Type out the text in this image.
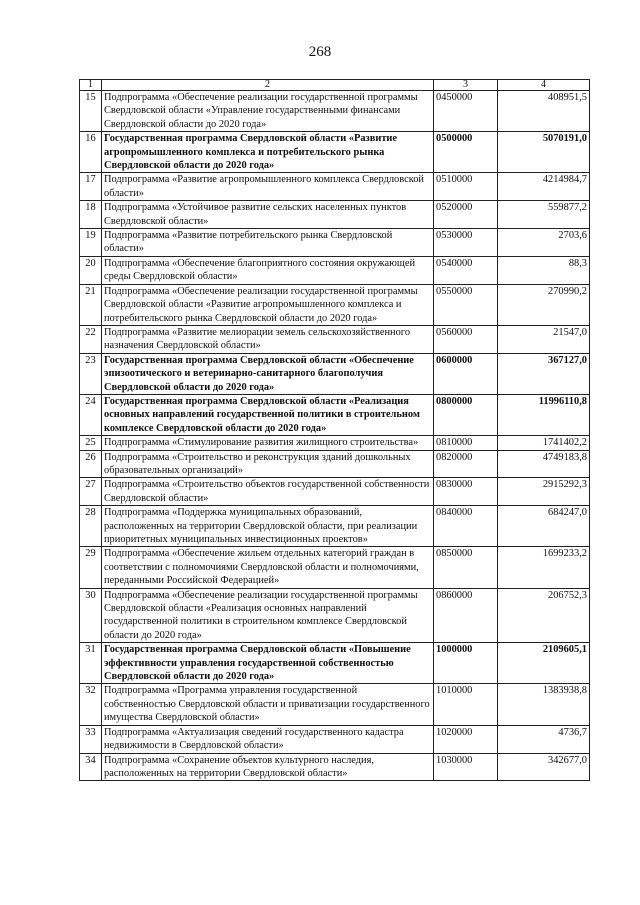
268
1	2	3	4
15	Подпрограмма «Обеспечение реализации государственной программы Свердловской области «Управление государственными финансами Свердловской области до 2020 года»	0450000	408951,5
16	Государственная программа Свердловской области «Развитие агропромышленного комплекса и потребительского рынка Свердловской области до 2020 года»	0500000	5070191,0
17	Подпрограмма «Развитие агропромышленного комплекса Свердловской области»	0510000	4214984,7
18	Подпрограмма «Устойчивое развитие сельских населенных пунктов Свердловской области»	0520000	559877,2
19	Подпрограмма «Развитие потребительского рынка Свердловской области»	0530000	2703,6
20	Подпрограмма «Обеспечение благоприятного состояния окружающей среды Свердловской области»	0540000	88,3
21	Подпрограмма «Обеспечение реализации государственной программы Свердловской области «Развитие агропромышленного комплекса и потребительского рынка Свердловской области до 2020 года»	0550000	270990,2
22	Подпрограмма «Развитие мелиорации земель сельскохозяйственного назначения Свердловской области»	0560000	21547,0
23	Государственная программа Свердловской области «Обеспечение эпизоотического и ветеринарно-санитарного благополучия Свердловской области до 2020 года»	0600000	367127,0
24	Государственная программа Свердловской области «Реализация основных направлений государственной политики в строительном комплексе Свердловской области до 2020 года»	0800000	11996110,8
25	Подпрограмма «Стимулирование развития жилищного строительства»	0810000	1741402,2
26	Подпрограмма «Строительство и реконструкция зданий дошкольных образовательных организаций»	0820000	4749183,8
27	Подпрограмма «Строительство объектов государственной собственности Свердловской области»	0830000	2915292,3
28	Подпрограмма «Поддержка муниципальных образований, расположенных на территории Свердловской области, при реализации приоритетных муниципальных инвестиционных проектов»	0840000	684247,0
29	Подпрограмма «Обеспечение жильем отдельных категорий граждан в соответствии с полномочиями Свердловской области и полномочиями, переданными Российской Федерацией»	0850000	1699233,2
30	Подпрограмма «Обеспечение реализации государственной программы Свердловской области «Реализация основных направлений государственной политики в строительном комплексе Свердловской области до 2020 года»	0860000	206752,3
31	Государственная программа Свердловской области «Повышение эффективности управления государственной собственностью Свердловской области до 2020 года»	1000000	2109605,1
32	Подпрограмма «Программа управления государственной собственностью Свердловской области и приватизации государственного имущества Свердловской области»	1010000	1383938,8
33	Подпрограмма «Актуализация сведений государственного кадастра недвижимости в Свердловской области»	1020000	4736,7
34	Подпрограмма «Сохранение объектов культурного наследия, расположенных на территории Свердловской области»	1030000	342677,0
